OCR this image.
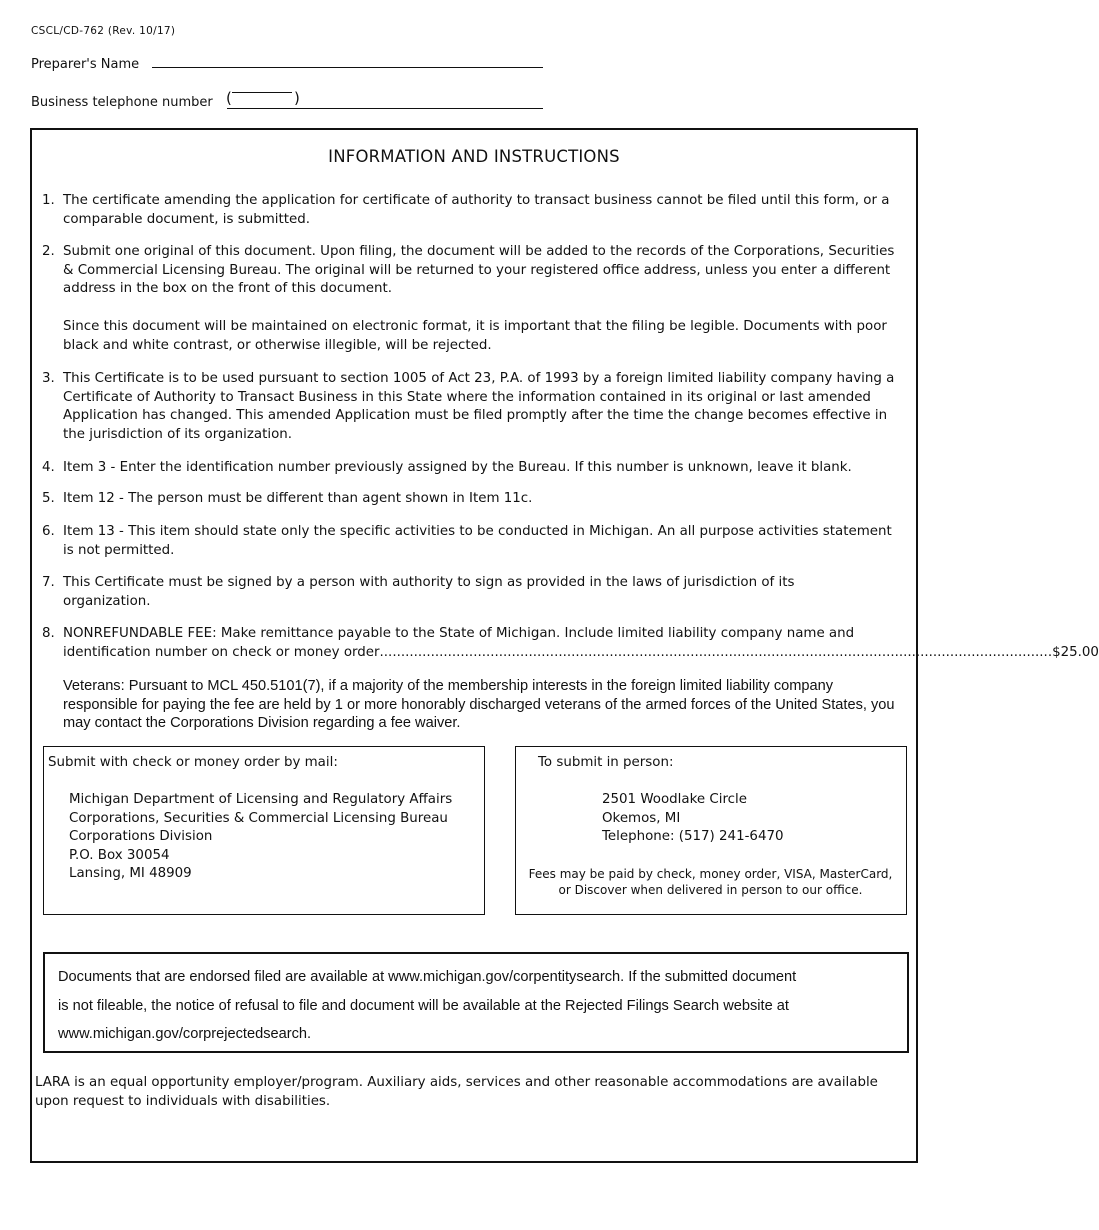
CSCL/CD-762 (Rev. 10/17)
Preparer's Name
Business telephone number (	)
INFORMATION AND INSTRUCTIONS
1. The certificate amending the application for certificate of authority to transact business cannot be filed until this form, or a comparable document, is submitted.
2. Submit one original of this document. Upon filing, the document will be added to the records of the Corporations, Securities & Commercial Licensing Bureau. The original will be returned to your registered office address, unless you enter a different address in the box on the front of this document.
Since this document will be maintained on electronic format, it is important that the filing be legible. Documents with poor black and white contrast, or otherwise illegible, will be rejected.
3. This Certificate is to be used pursuant to section 1005 of Act 23, P.A. of 1993 by a foreign limited liability company having a Certificate of Authority to Transact Business in this State where the information contained in its original or last amended Application has changed. This amended Application must be filed promptly after the time the change becomes effective in the jurisdiction of its organization.
4. Item 3 - Enter the identification number previously assigned by the Bureau. If this number is unknown, leave it blank.
5. Item 12 - The person must be different than agent shown in Item 11c.
6. Item 13 - This item should state only the specific activities to be conducted in Michigan. An all purpose activities statement is not permitted.
7. This Certificate must be signed by a person with authority to sign as provided in the laws of jurisdiction of its organization.
8. NONREFUNDABLE FEE: Make remittance payable to the State of Michigan. Include limited liability company name and
identification number on check or money order .............................................................................................................................................................. $25.00
Veterans: Pursuant to MCL 450.5101(7), if a majority of the membership interests in the foreign limited liability company responsible for paying the fee are held by 1 or more honorably discharged veterans of the armed forces of the United States, you may contact the Corporations Division regarding a fee waiver.
Submit with check or money order by mail:
Michigan Department of Licensing and Regulatory Affairs
Corporations, Securities & Commercial Licensing Bureau
Corporations Division
P.O. Box 30054
Lansing, MI 48909
To submit in person:
2501 Woodlake Circle
Okemos, MI
Telephone: (517) 241-6470
Fees may be paid by check, money order, VISA, MasterCard,
or Discover when delivered in person to our office.
Documents that are endorsed filed are available at www.michigan.gov/corpentitysearch. If the submitted document
is not fileable, the notice of refusal to file and document will be available at the Rejected Filings Search website at
www.michigan.gov/corprejectedsearch.
LARA is an equal opportunity employer/program. Auxiliary aids, services and other reasonable accommodations are available upon request to individuals with disabilities.
